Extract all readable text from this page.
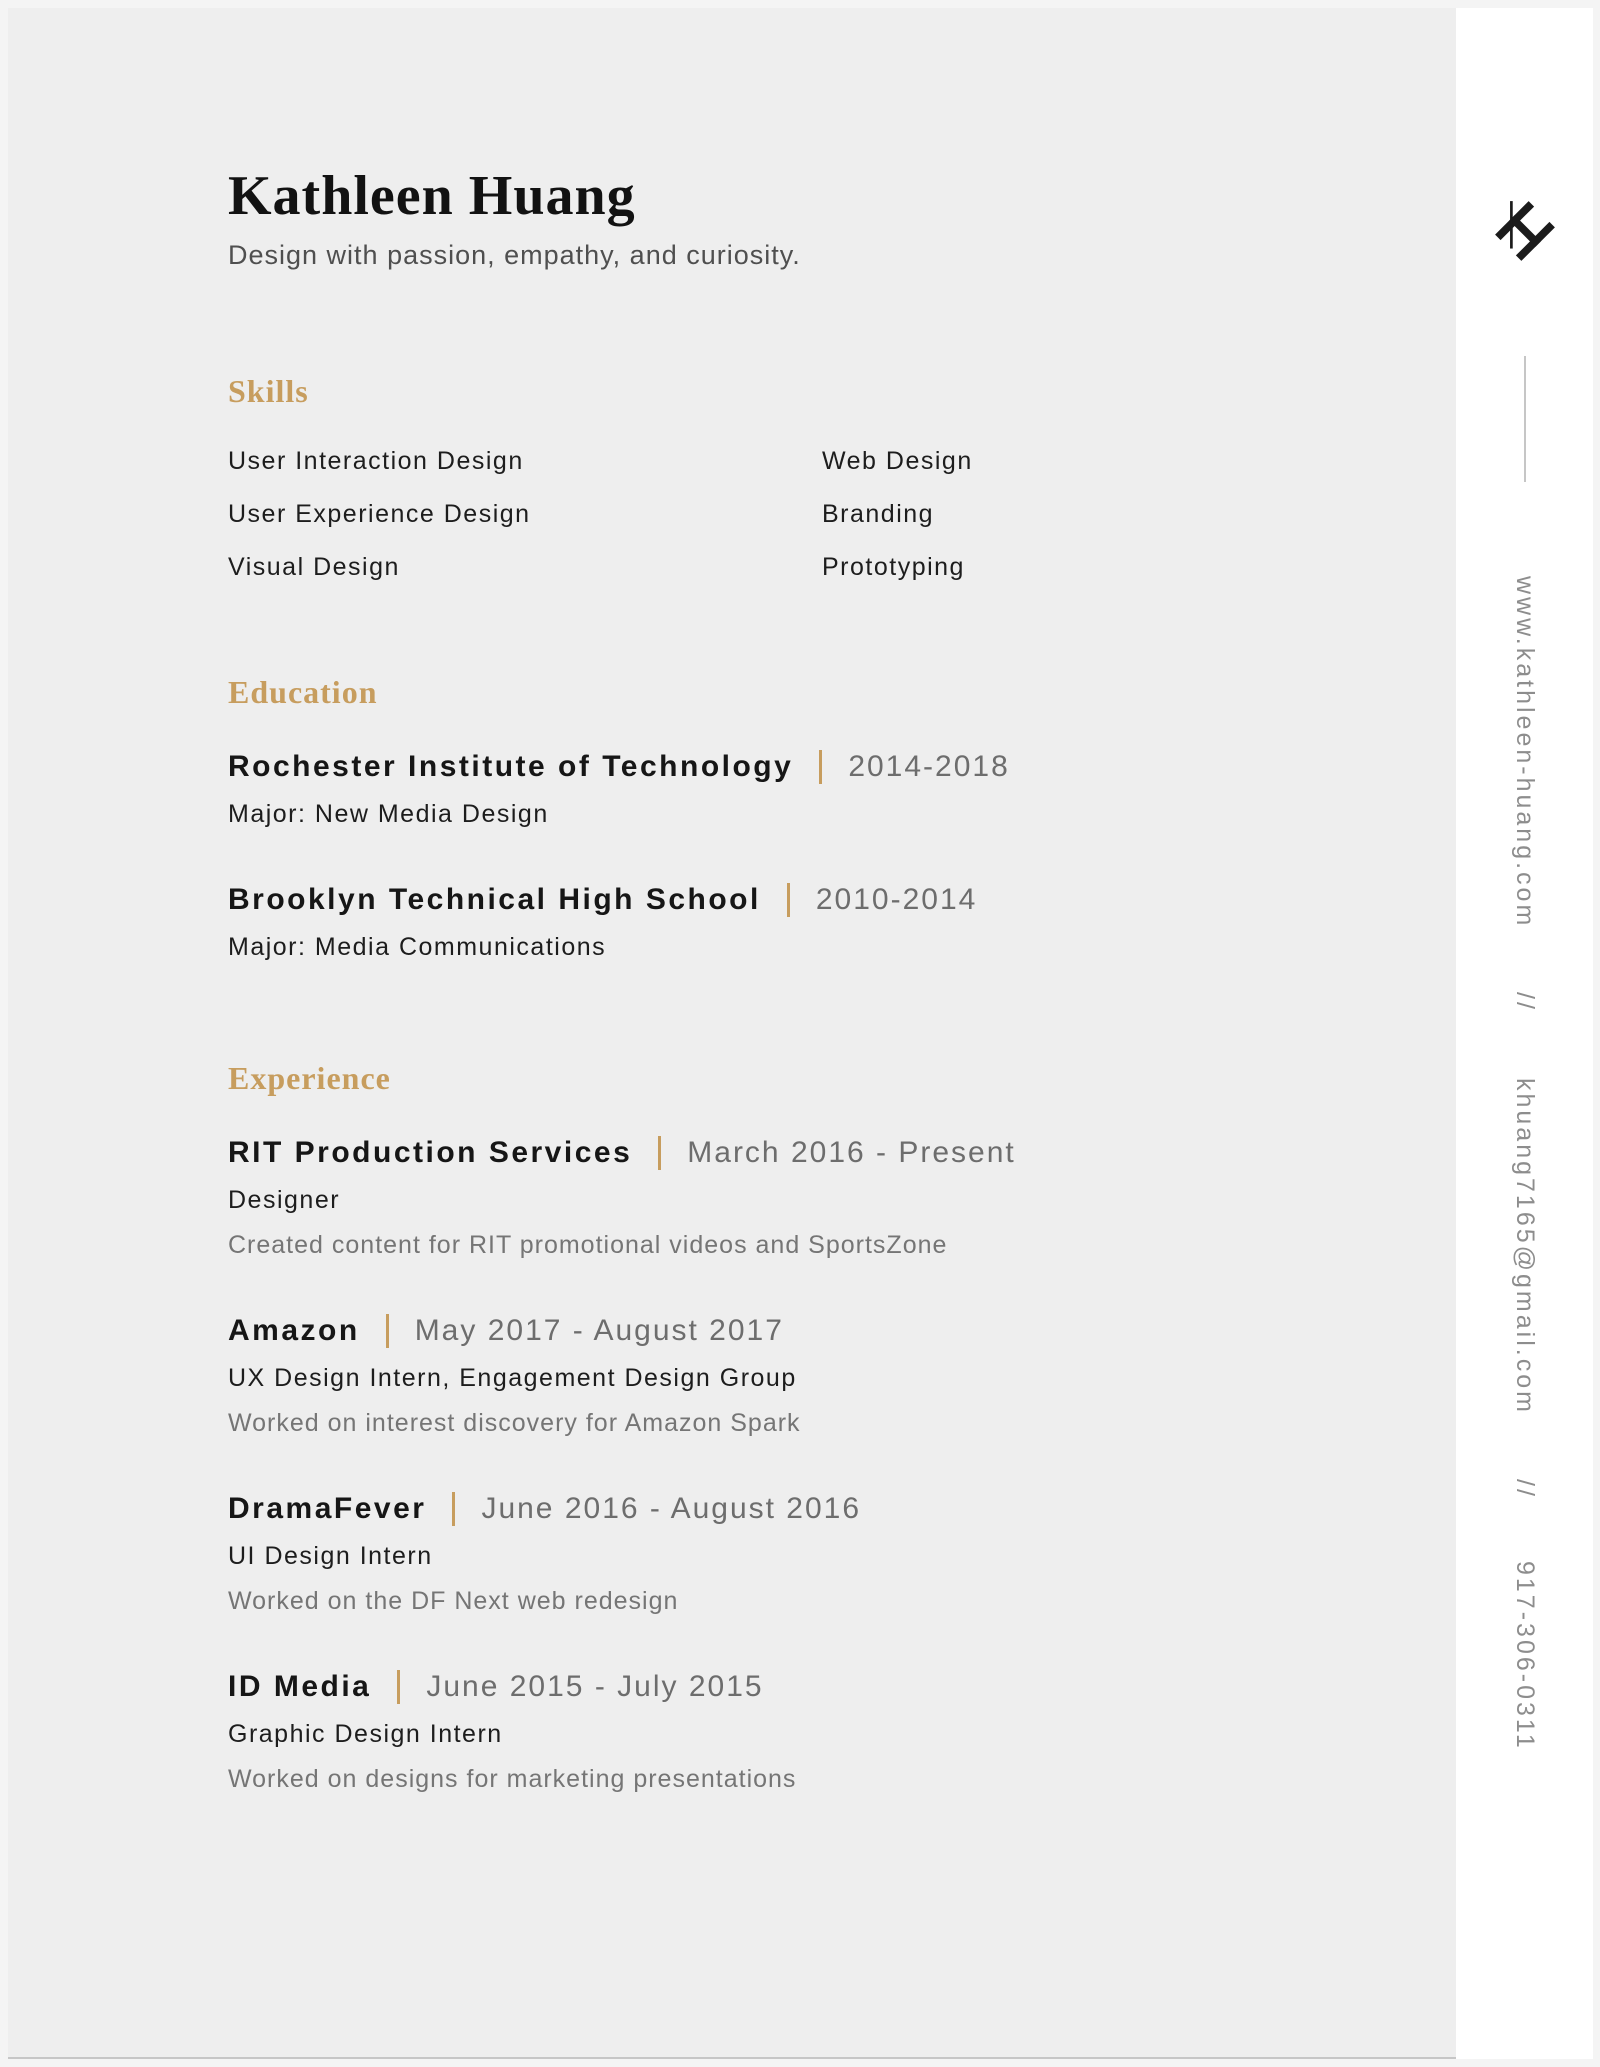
Kathleen Huang
Design with passion, empathy, and curiosity.
Skills
User Interaction Design	Web Design
User Experience Design	Branding
Visual Design	Prototyping
Education
Rochester Institute of Technology 2014-2018
Major: New Media Design
Brooklyn Technical High School 2010-2014
Major: Media Communications
Experience
RIT Production Services March 2016 - Present
Designer
Created content for RIT promotional videos and SportsZone
Amazon May 2017 - August 2017
UX Design Intern, Engagement Design Group
Worked on interest discovery for Amazon Spark
DramaFever June 2016 - August 2016
UI Design Intern
Worked on the DF Next web redesign
ID Media June 2015 - July 2015
Graphic Design Intern
Worked on designs for marketing presentations
www.kathleen-huang.com
//
khuang7165@gmail.com
//
917-306-0311
